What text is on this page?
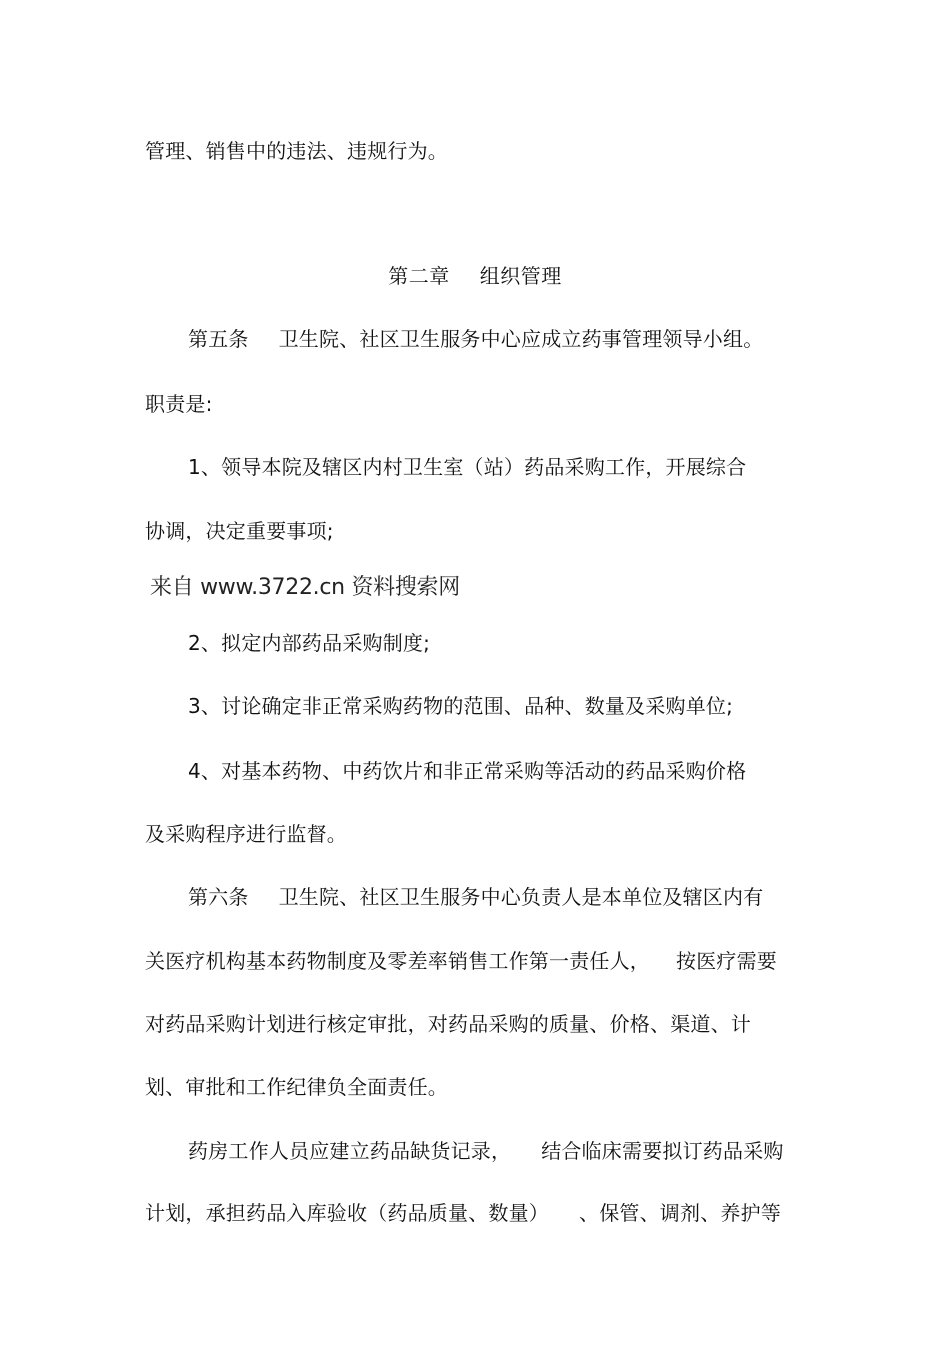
管理、销售中的违法、违规行为。
第二章 组织管理
第五条 卫生院、社区卫生服务中心应成立药事管理领导小组。
职责是:
1、领导本院及辖区内村卫生室（站）药品采购工作，开展综合
协调，决定重要事项;
来自 www.3722.cn 资料搜索网
2、拟定内部药品采购制度;
3、讨论确定非正常采购药物的范围、品种、数量及采购单位;
4、对基本药物、中药饮片和非正常采购等活动的药品采购价格
及采购程序进行监督。
第六条 卫生院、社区卫生服务中心负责人是本单位及辖区内有
关医疗机构基本药物制度及零差率销售工作第一责任人， 按医疗需要
对药品采购计划进行核定审批，对药品采购的质量、价格、渠道、计
划、审批和工作纪律负全面责任。
药房工作人员应建立药品缺货记录， 结合临床需要拟订药品采购
计划，承担药品入库验收（药品质量、数量） 、保管、调剂、养护等
